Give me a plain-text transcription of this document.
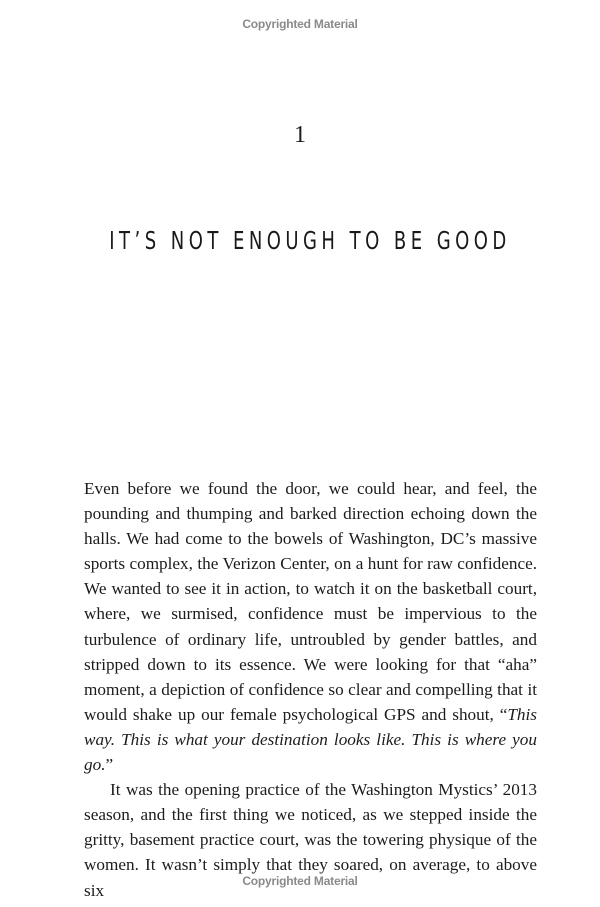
Copyrighted Material
1
IT’S NOT ENOUGH TO BE GOOD

Even before we found the door, we could hear, and feel, the pounding and thumping and barked direction echoing down the halls. We had come to the bowels of Washington, DC’s massive sports complex, the Verizon Center, on a hunt for raw confidence. We wanted to see it in action, to watch it on the basketball court, where, we surmised, confidence must be impervious to the turbulence of ordinary life, untroubled by gender battles, and stripped down to its essence. We were looking for that “aha” moment, a depiction of confidence so clear and compelling that it would shake up our female psychological GPS and shout, “This way. This is what your destination looks like. This is where you go.”

It was the opening practice of the Washington Mystics’ 2013 season, and the first thing we noticed, as we stepped inside the gritty, basement practice court, was the towering physique of the women. It wasn’t simply that they soared, on average, to above six	Copyrighted Material
